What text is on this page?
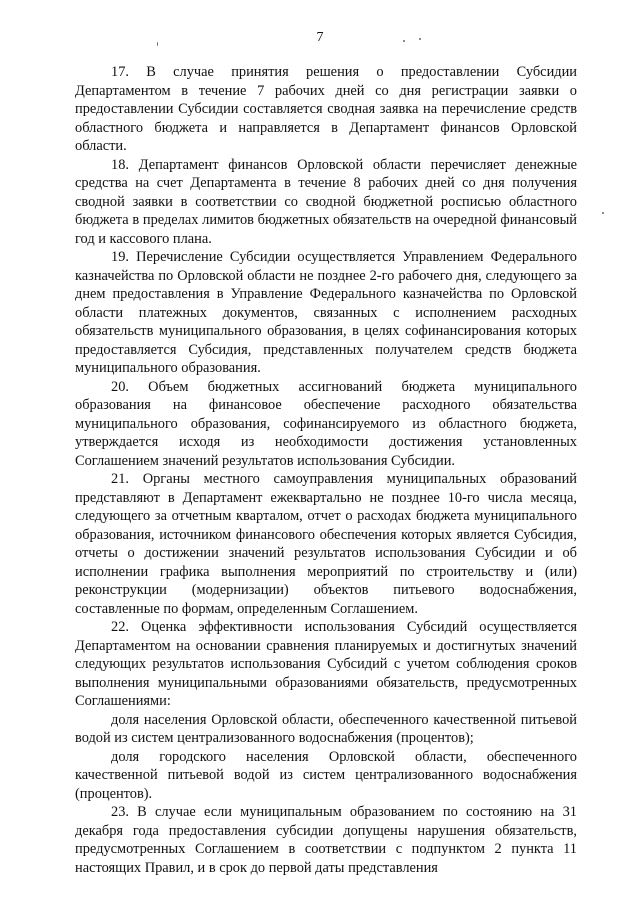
7

17. В случае принятия решения о предоставлении Субсидии Департаментом в течение 7 рабочих дней со дня регистрации заявки о предоставлении Субсидии составляется сводная заявка на перечисление средств областного бюджета и направляется в Департамент финансов Орловской области.

18. Департамент финансов Орловской области перечисляет денежные средства на счет Департамента в течение 8 рабочих дней со дня получения сводной заявки в соответствии со сводной бюджетной росписью областного бюджета в пределах лимитов бюджетных обязательств на очередной финансовый год и кассового плана.

19. Перечисление Субсидии осуществляется Управлением Федерального казначейства по Орловской области не позднее 2-го рабочего дня, следующего за днем предоставления в Управление Федерального казначейства по Орловской области платежных документов, связанных с исполнением расходных обязательств муниципального образования, в целях софинансирования которых предоставляется Субсидия, представленных получателем средств бюджета муниципального образования.

20. Объем бюджетных ассигнований бюджета муниципального образования на финансовое обеспечение расходного обязательства муниципального образования, софинансируемого из областного бюджета, утверждается исходя из необходимости достижения установленных Соглашением значений результатов использования Субсидии.

21. Органы местного самоуправления муниципальных образований представляют в Департамент ежеквартально не позднее 10-го числа месяца, следующего за отчетным кварталом, отчет о расходах бюджета муниципального образования, источником финансового обеспечения которых является Субсидия, отчеты о достижении значений результатов использования Субсидии и об исполнении графика выполнения мероприятий по строительству и (или) реконструкции (модернизации) объектов питьевого водоснабжения, составленные по формам, определенным Соглашением.

22. Оценка эффективности использования Субсидий осуществляется Департаментом на основании сравнения планируемых и достигнутых значений следующих результатов использования Субсидий с учетом соблюдения сроков выполнения муниципальными образованиями обязательств, предусмотренных Соглашениями:

доля населения Орловской области, обеспеченного качественной питьевой водой из систем централизованного водоснабжения (процентов);

доля городского населения Орловской области, обеспеченного качественной питьевой водой из систем централизованного водоснабжения (процентов).

23. В случае если муниципальным образованием по состоянию на 31 декабря года предоставления субсидии допущены нарушения обязательств, предусмотренных Соглашением в соответствии с подпунктом 2 пункта 11 настоящих Правил, и в срок до первой даты представления
